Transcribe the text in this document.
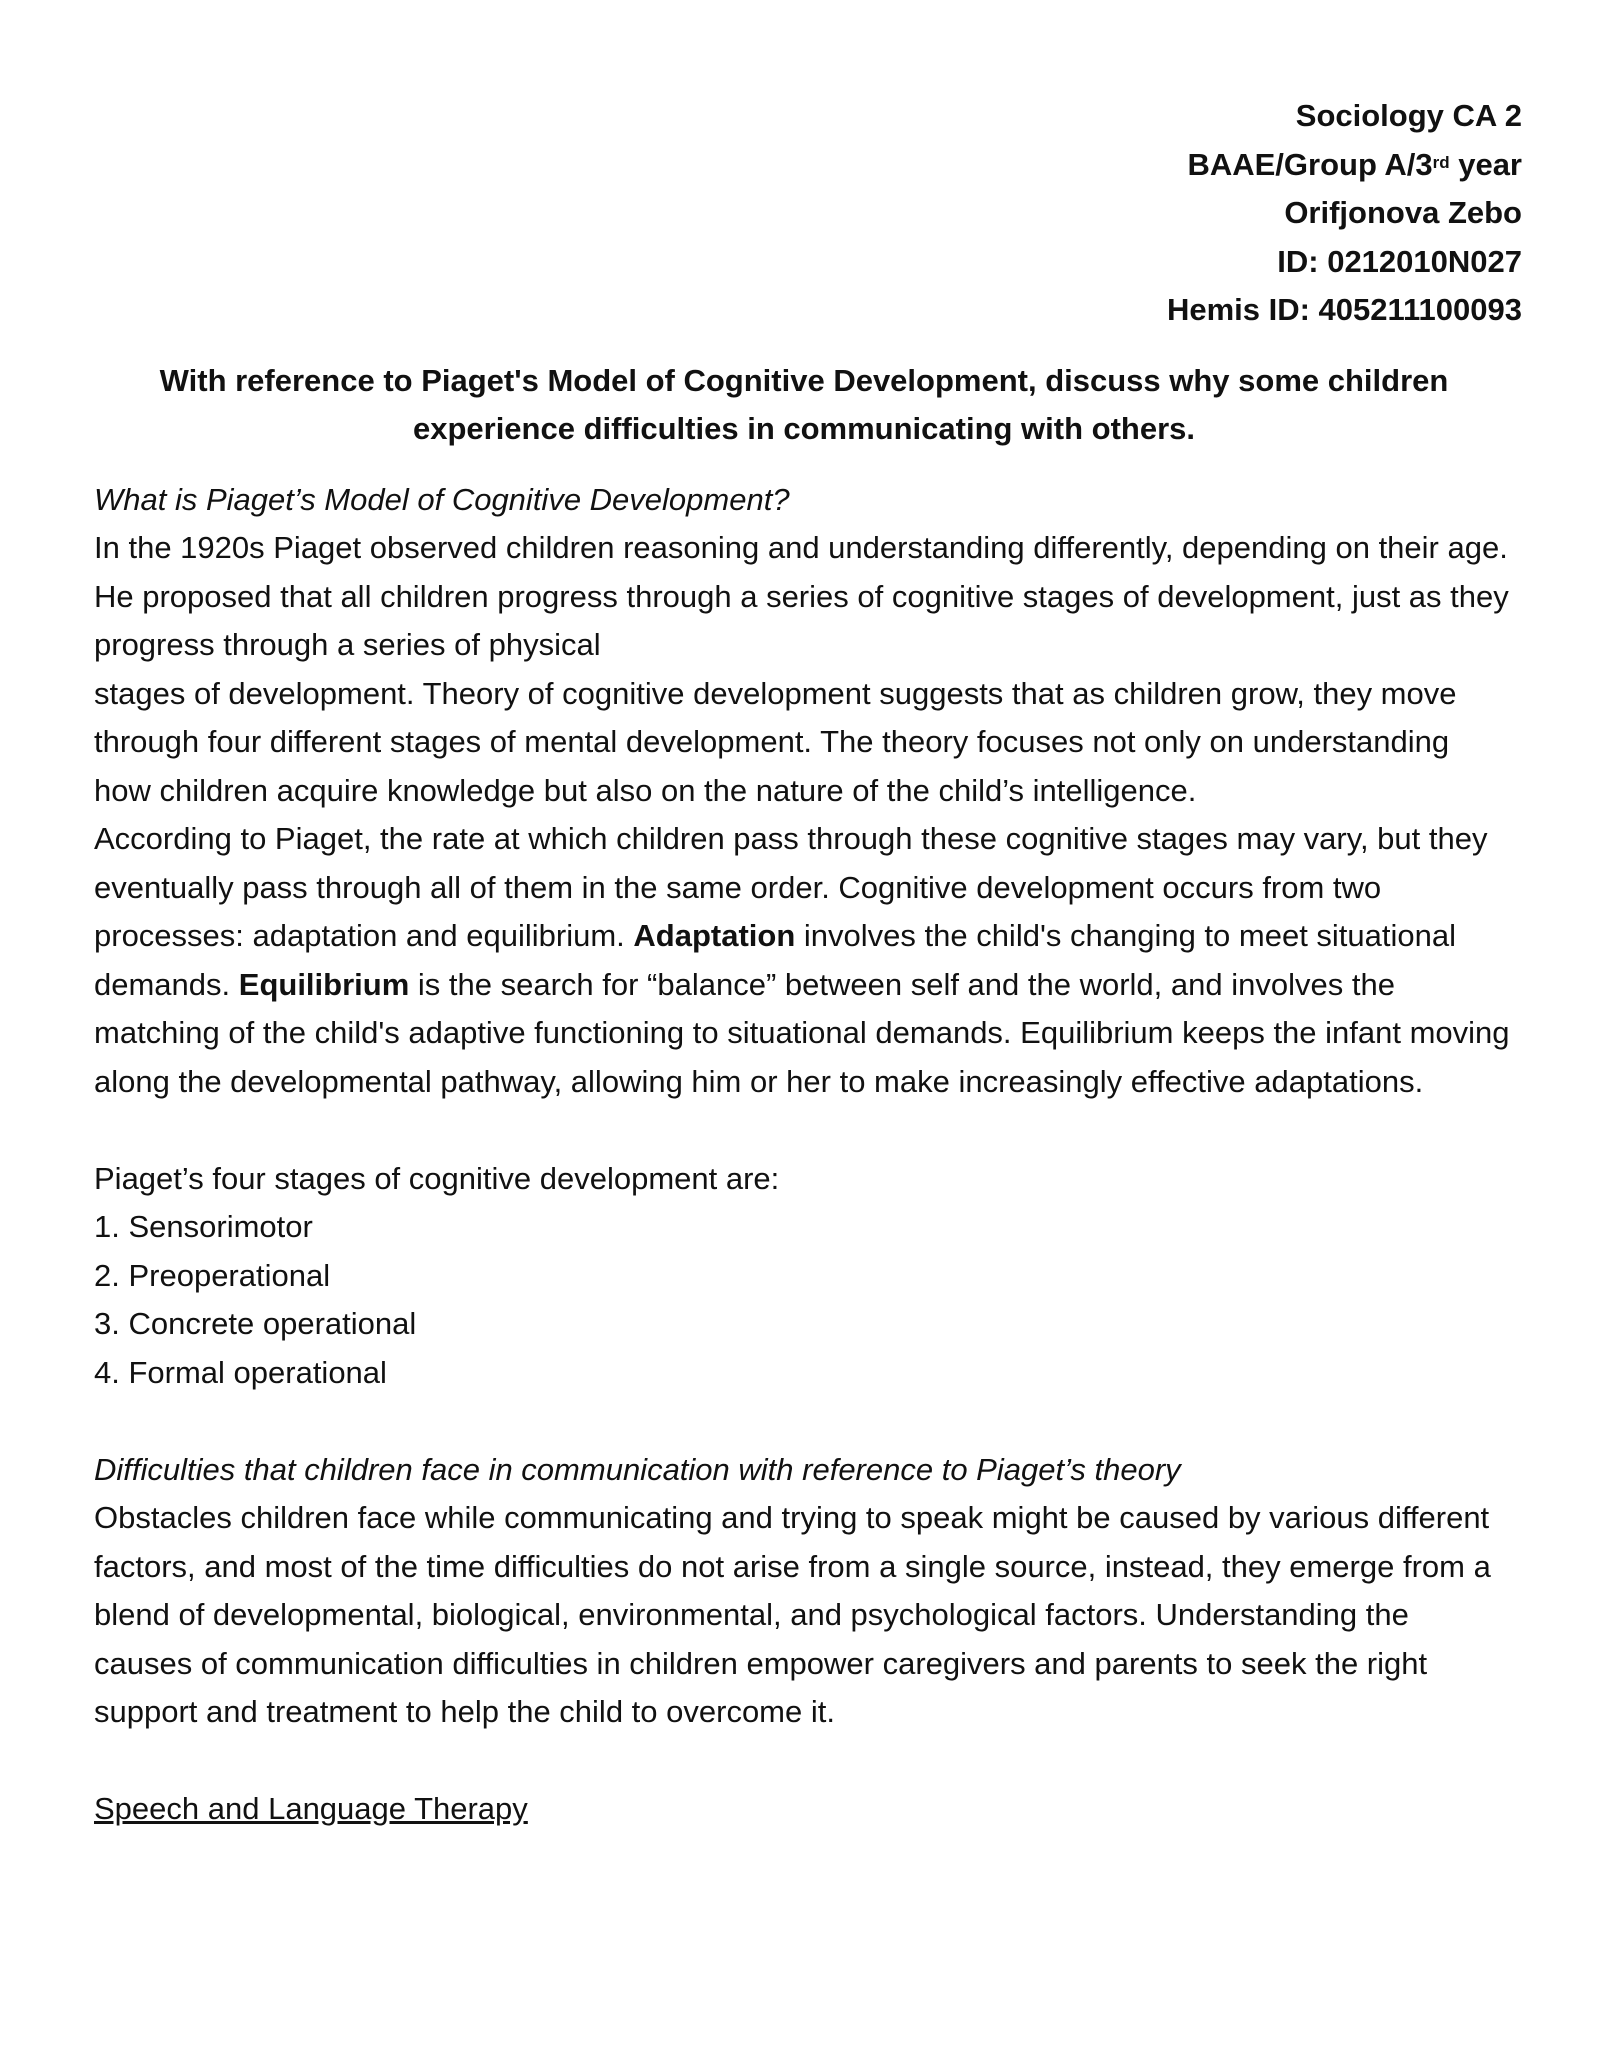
Sociology CA 2
BAAE/Group A/3rd year
Orifjonova Zebo
ID: 0212010N027
Hemis ID: 405211100093
With reference to Piaget's Model of Cognitive Development, discuss why some children experience difficulties in communicating with others.

What is Piaget’s Model of Cognitive Development?

In the 1920s Piaget observed children reasoning and understanding differently, depending on their age. He proposed that all children progress through a series of cognitive stages of development, just as they progress through a series of physical

stages of development. Theory of cognitive development suggests that as children grow, they move through four different stages of mental development. The theory focuses not only on understanding how children acquire knowledge but also on the nature of the child’s intelligence.

According to Piaget, the rate at which children pass through these cognitive stages may vary, but they eventually pass through all of them in the same order. Cognitive development occurs from two processes: adaptation and equilibrium. Adaptation involves the child's changing to meet situational demands. Equilibrium is the search for “balance” between self and the world, and involves the matching of the child's adaptive functioning to situational demands. Equilibrium keeps the infant moving along the developmental pathway, allowing him or her to make increasingly effective adaptations.

Piaget’s four stages of cognitive development are:

1. Sensorimotor

2. Preoperational

3. Concrete operational

4. Formal operational

Difficulties that children face in communication with reference to Piaget’s theory

Obstacles children face while communicating and trying to speak might be caused by various different factors, and most of the time difficulties do not arise from a single source, instead, they emerge from a blend of developmental, biological, environmental, and psychological factors. Understanding the causes of communication difficulties in children empower caregivers and parents to seek the right support and treatment to help the child to overcome it.

Speech and Language Therapy
